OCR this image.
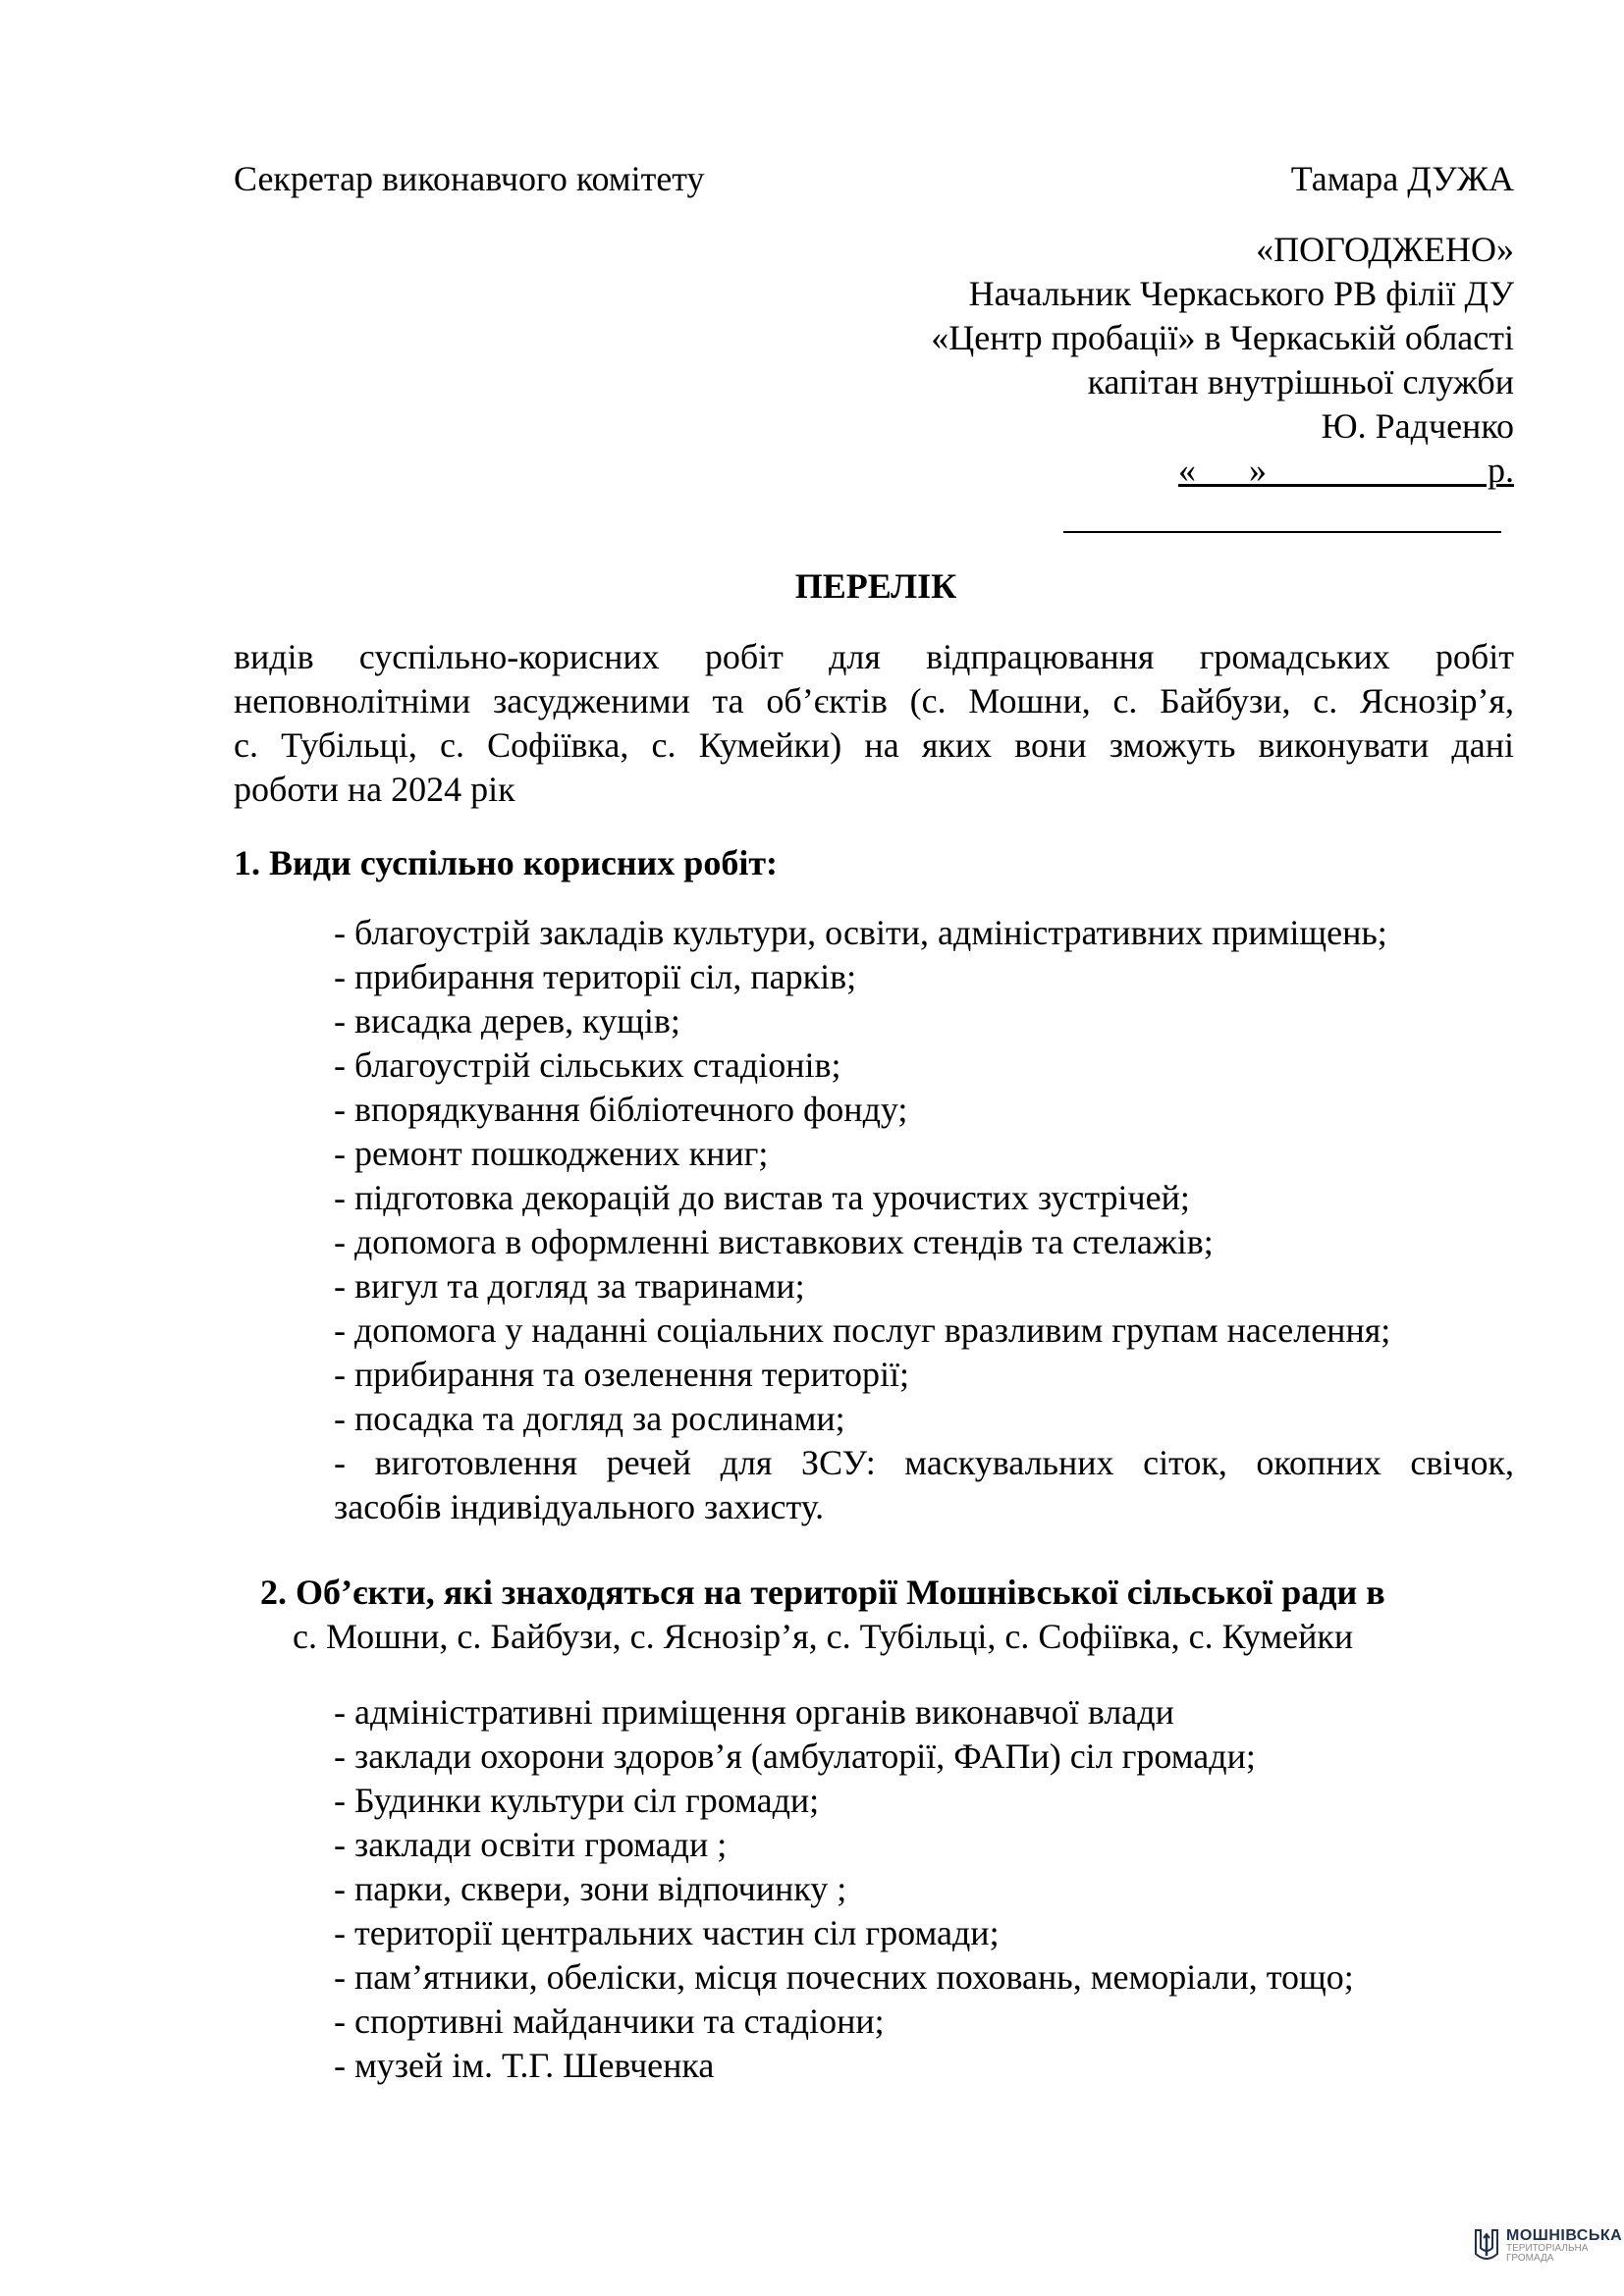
Секретар виконавчого комітету	Тамара ДУЖА
«ПОГОДЖЕНО»
Начальник Черкаського РВ філії ДУ
«Центр пробації» в Черкаській області
капітан внутрішньої служби
Ю. Радченко
«      »                         р.
ПЕРЕЛІК
видів суспільно-корисних робіт для відпрацювання громадських робіт
неповнолітніми засудженими та об’єктів (с. Мошни, с. Байбузи, с. Яснозір’я,
с. Тубільці, с. Софіївка, с. Кумейки) на яких вони зможуть виконувати дані
роботи на 2024 рік
1. Види суспільно корисних робіт:
- благоустрій закладів культури, освіти, адміністративних приміщень;
- прибирання території сіл, парків;
- висадка дерев, кущів;
- благоустрій сільських стадіонів;
- впорядкування бібліотечного фонду;
- ремонт пошкоджених книг;
- підготовка декорацій до вистав та урочистих зустрічей;
- допомога в оформленні виставкових стендів та стелажів;
- вигул та догляд за тваринами;
- допомога у наданні соціальних послуг вразливим групам населення;
- прибирання та озеленення території;
- посадка та догляд за рослинами;
- виготовлення речей для ЗСУ: маскувальних сіток, окопних свічок,
засобів індивідуального захисту.
2. Об’єкти, які знаходяться на території Мошнівської сільської ради в
с. Мошни, с. Байбузи, с. Яснозір’я, с. Тубільці, с. Софіївка, с. Кумейки
- адміністративні приміщення органів виконавчої влади
- заклади охорони здоров’я (амбулаторії, ФАПи) сіл громади;
- Будинки культури сіл громади;
- заклади освіти громади ;
- парки, сквери, зони відпочинку ;
- території центральних частин сіл громади;
- пам’ятники, обеліски, місця почесних поховань, меморіали, тощо;
- спортивні майданчики та стадіони;
- музей ім. Т.Г. Шевченка
МОШНІВСЬКА
ТЕРИТОРІАЛЬНА
ГРОМАДА
